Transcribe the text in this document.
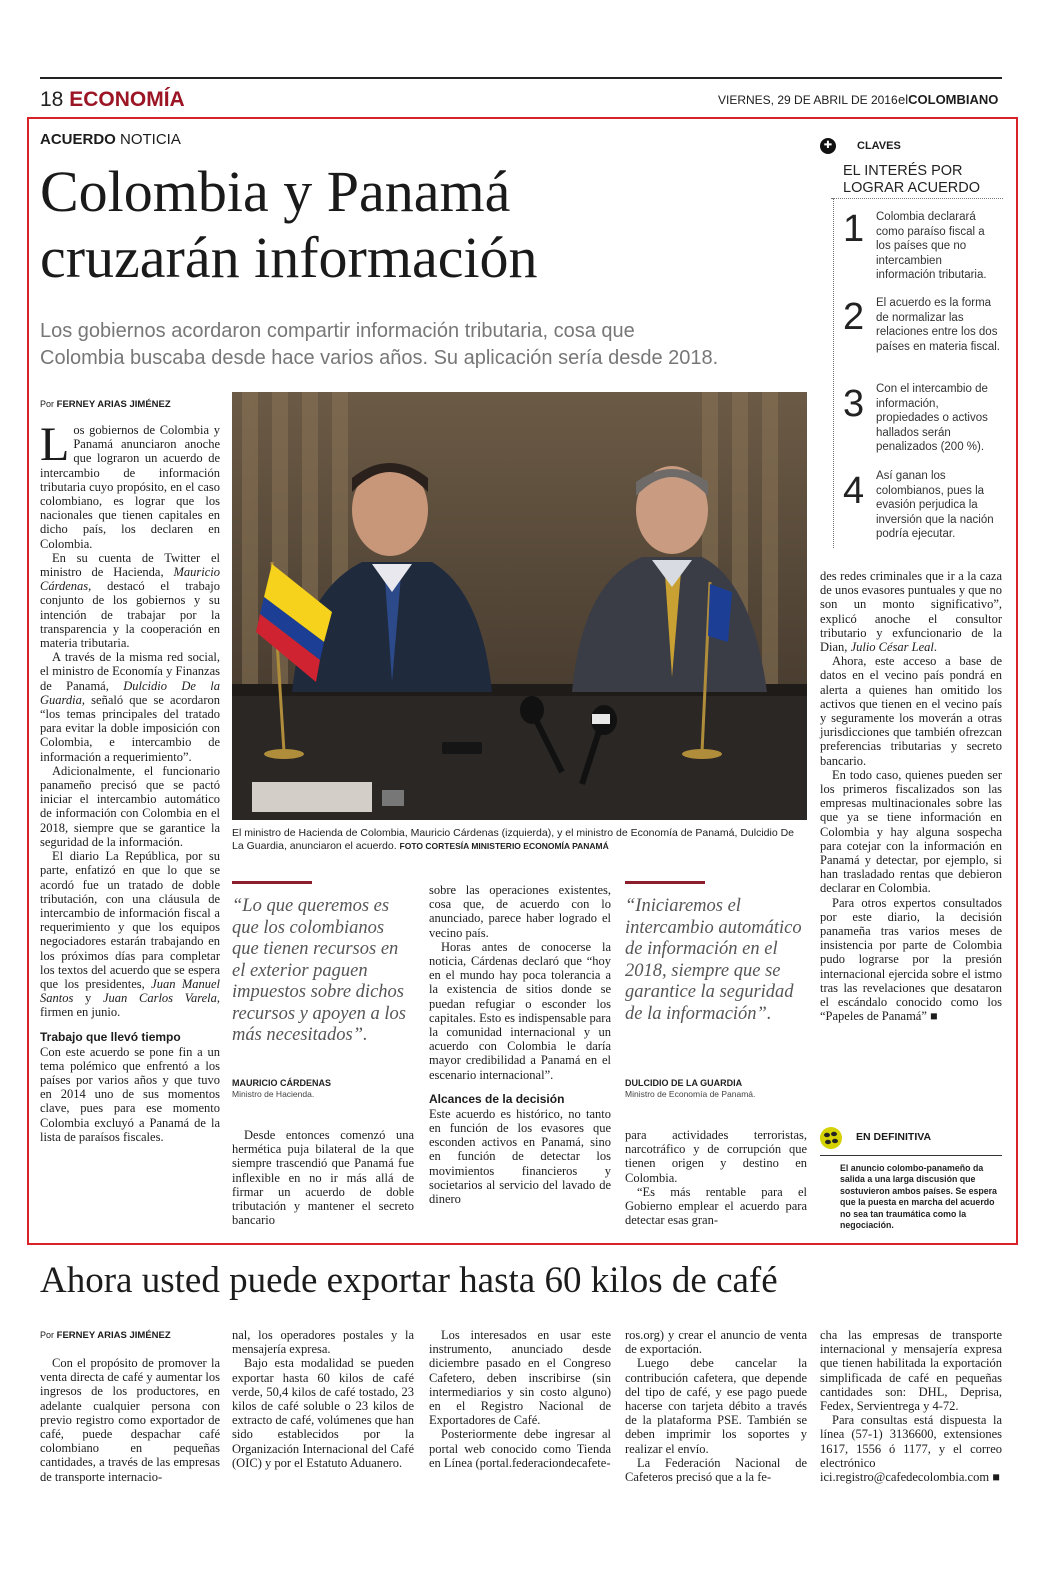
18 ECONOMÍA	VIERNES, 29 DE ABRIL DE 2016 elCOLOMBIANO
ACUERDO NOTICIA
Colombia y Panamá
cruzarán información
Los gobiernos acordaron compartir información tributaria, cosa que
Colombia buscaba desde hace varios años. Su aplicación sería desde 2018.
Por FERNEY ARIAS JIMÉNEZ

Los gobiernos de Colombia y Panamá anunciaron anoche que lograron un acuerdo de intercambio de información tributaria cuyo propósito, en el caso colombiano, es lograr que los nacionales que tienen capitales en dicho país, los declaren en Colombia.

En su cuenta de Twitter el ministro de Hacienda, Mauricio Cárdenas, destacó el trabajo conjunto de los gobiernos y su intención de trabajar por la transparencia y la cooperación en materia tributaria.

A través de la misma red social, el ministro de Economía y Finanzas de Panamá, Dulcidio De la Guardia, señaló que se acordaron “los temas principales del tratado para evitar la doble imposición con Colombia, e intercambio de información a requerimiento”.

Adicionalmente, el funcionario panameño precisó que se pactó iniciar el intercambio automático de información con Colombia en el 2018, siempre que se garantice la seguridad de la información.

El diario La República, por su parte, enfatizó en que lo que se acordó fue un tratado de doble tributación, con una cláusula de intercambio de información fiscal a requerimiento y que los equipos negociadores estarán trabajando en los próximos días para completar los textos del acuerdo que se espera que los presidentes, Juan Manuel Santos y Juan Carlos Varela, firmen en junio.

Trabajo que llevó tiempo

Con este acuerdo se pone fin a un tema polémico que enfrentó a los países por varios años y que tuvo en 2014 uno de sus momentos clave, pues para ese momento Colombia excluyó a Panamá de la lista de paraísos fiscales.

El ministro de Hacienda de Colombia, Mauricio Cárdenas (izquierda), y el ministro de Economía de Panamá, Dulcidio De La Guardia, anunciaron el acuerdo. FOTO CORTESÍA MINISTERIO ECONOMÍA PANAMÁ
“Lo que queremos es que los colombianos que tienen recursos en el exterior paguen impuestos sobre dichos recursos y apoyen a los más necesitados”.
MAURICIO CÁRDENAS
Ministro de Hacienda.

Desde entonces comenzó una hermética puja bilateral de la que siempre trascendió que Panamá fue inflexible en no ir más allá de firmar un acuerdo de doble tributación y mantener el secreto bancario

sobre las operaciones existentes, cosa que, de acuerdo con lo anunciado, parece haber logrado el vecino país.

Horas antes de conocerse la noticia, Cárdenas declaró que “hoy en el mundo hay poca tolerancia a la existencia de sitios donde se puedan refugiar o esconder los capitales. Esto es indispensable para la comunidad internacional y un acuerdo con Colombia le daría mayor credibilidad a Panamá en el escenario internacional”.

Alcances de la decisión

Este acuerdo es histórico, no tanto en función de los evasores que esconden activos en Panamá, sino en función de detectar los movimientos financieros y societarios al servicio del lavado de dinero

“Iniciaremos el intercambio automático de información en el 2018, siempre que se garantice la seguridad de la información”.
DULCIDIO DE LA GUARDIA
Ministro de Economía de Panamá.

para actividades terroristas, narcotráfico y de corrupción que tienen origen y destino en Colombia.

“Es más rentable para el Gobierno emplear el acuerdo para detectar esas gran-

✚	CLAVES
EL INTERÉS POR LOGRAR ACUERDO
1 Colombia declarará como paraíso fiscal a los países que no intercambien información tributaria.
2 El acuerdo es la forma de normalizar las relaciones entre los dos países en materia fiscal.
3 Con el intercambio de información, propiedades o activos hallados serán penalizados (200 %).
4 Así ganan los colombianos, pues la evasión perjudica la inversión que la nación podría ejecutar.

des redes criminales que ir a la caza de unos evasores puntuales y que no son un monto significativo”, explicó anoche el consultor tributario y exfuncionario de la Dian, Julio César Leal.

Ahora, este acceso a base de datos en el vecino país pondrá en alerta a quienes han omitido los activos que tienen en el vecino país y seguramente los moverán a otras jurisdicciones que también ofrezcan preferencias tributarias y secreto bancario.

En todo caso, quienes pueden ser los primeros fiscalizados son las empresas multinacionales sobre las que ya se tiene información en Colombia y hay alguna sospecha para cotejar con la información en Panamá y detectar, por ejemplo, si han trasladado rentas que debieron declarar en Colombia.

Para otros expertos consultados por este diario, la decisión panameña tras varios meses de insistencia por parte de Colombia pudo lograrse por la presión internacional ejercida sobre el istmo tras las revelaciones que desataron el escándalo conocido como los “Papeles de Panamá” ■

EN DEFINITIVA
El anuncio colombo-panameño da salida a una larga discusión que sostuvieron ambos países. Se espera que la puesta en marcha del acuerdo no sea tan traumática como la negociación.
Ahora usted puede exportar hasta 60 kilos de café
Por FERNEY ARIAS JIMÉNEZ

Con el propósito de promover la venta directa de café y aumentar los ingresos de los productores, en adelante cualquier persona con previo registro como exportador de café, puede despachar café colombiano en pequeñas cantidades, a través de las empresas de transporte internacio-

nal, los operadores postales y la mensajería expresa.

Bajo esta modalidad se pueden exportar hasta 60 kilos de café verde, 50,4 kilos de café tostado, 23 kilos de café soluble o 23 kilos de extracto de café, volúmenes que han sido establecidos por la Organización Internacional del Café (OIC) y por el Estatuto Aduanero.

Los interesados en usar este instrumento, anunciado desde diciembre pasado en el Congreso Cafetero, deben inscribirse (sin intermediarios y sin costo alguno) en el Registro Nacional de Exportadores de Café.

Posteriormente debe ingresar al portal web conocido como Tienda en Línea (portal.federaciondecafete-

ros.org) y crear el anuncio de venta de exportación.

Luego debe cancelar la contribución cafetera, que depende del tipo de café, y ese pago puede hacerse con tarjeta débito a través de la plataforma PSE. También se deben imprimir los soportes y realizar el envío.

La Federación Nacional de Cafeteros precisó que a la fe-

cha las empresas de transporte internacional y mensajería expresa que tienen habilitada la exportación simplificada de café en pequeñas cantidades son: DHL, Deprisa, Fedex, Servientrega y 4-72.

Para consultas está dispuesta la línea (57-1) 3136600, extensiones 1617, 1556 ó 1177, y el correo electrónico ici.registro@cafedecolombia.com ■
